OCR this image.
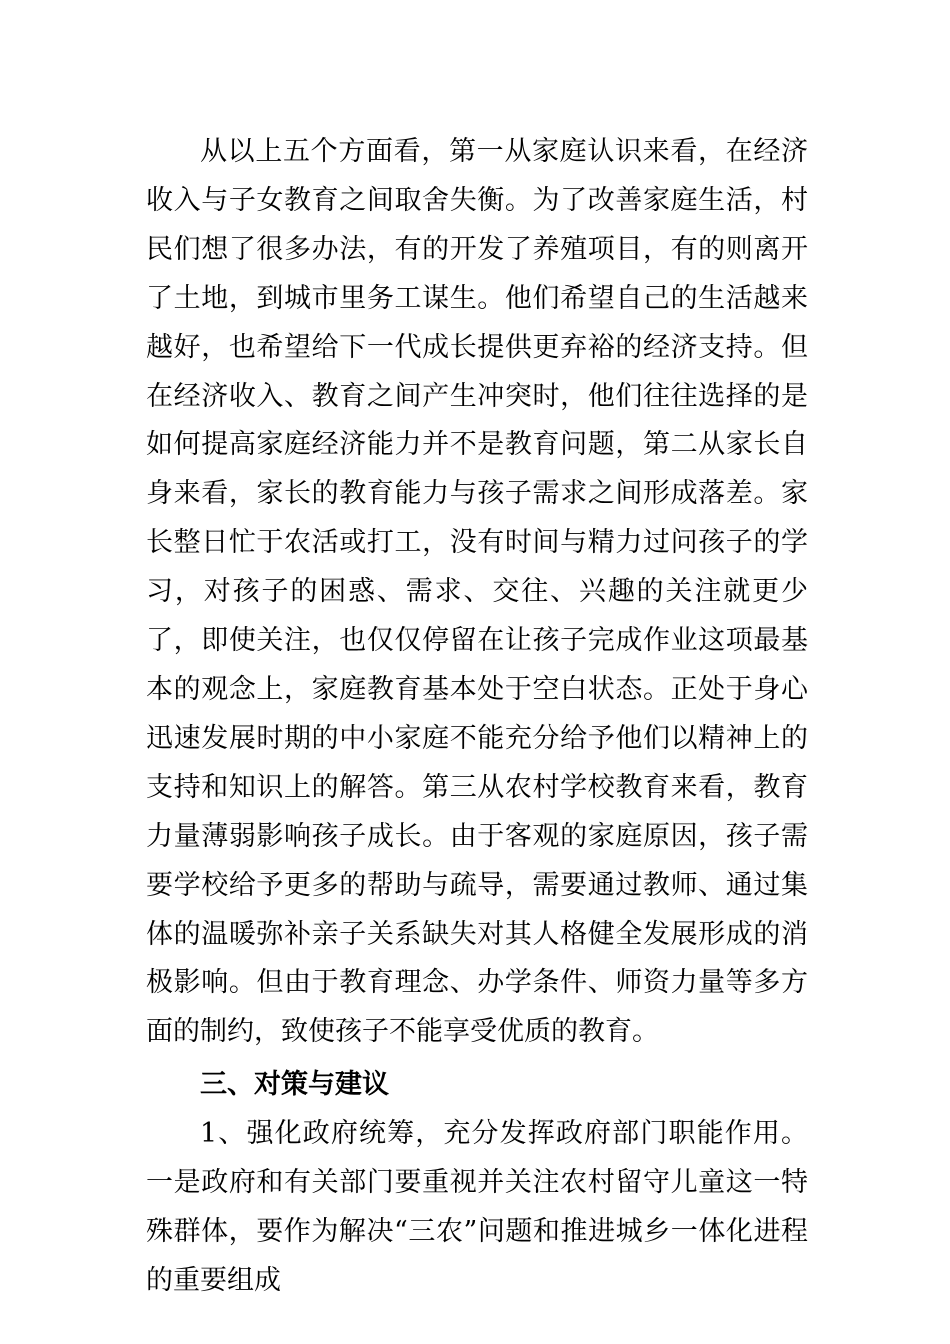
从以上五个方面看，第一从家庭认识来看，在经济收入与子女教育之间取舍失衡。为了改善家庭生活，村民们想了很多办法，有的开发了养殖项目，有的则离开了土地，到城市里务工谋生。他们希望自己的生活越来越好，也希望给下一代成长提供更弃裕的经济支持。但在经济收入、教育之间产生冲突时，他们往往选择的是如何提高家庭经济能力并不是教育问题，第二从家长自身来看，家长的教育能力与孩子需求之间形成落差。家长整日忙于农活或打工，没有时间与精力过问孩子的学习，对孩子的困惑、需求、交往、兴趣的关注就更少了，即使关注，也仅仅停留在让孩子完成作业这项最基本的观念上，家庭教育基本处于空白状态。正处于身心迅速发展时期的中小家庭不能充分给予他们以精神上的支持和知识上的解答。第三从农村学校教育来看，教育力量薄弱影响孩子成长。由于客观的家庭原因，孩子需要学校给予更多的帮助与疏导，需要通过教师、通过集体的温暖弥补亲子关系缺失对其人格健全发展形成的消极影响。但由于教育理念、办学条件、师资力量等多方面的制约，致使孩子不能享受优质的教育。

三、对策与建议

1、强化政府统筹，充分发挥政府部门职能作用。一是政府和有关部门要重视并关注农村留守儿童这一特殊群体，要作为解决“三农”问题和推进城乡一体化进程的重要组成
